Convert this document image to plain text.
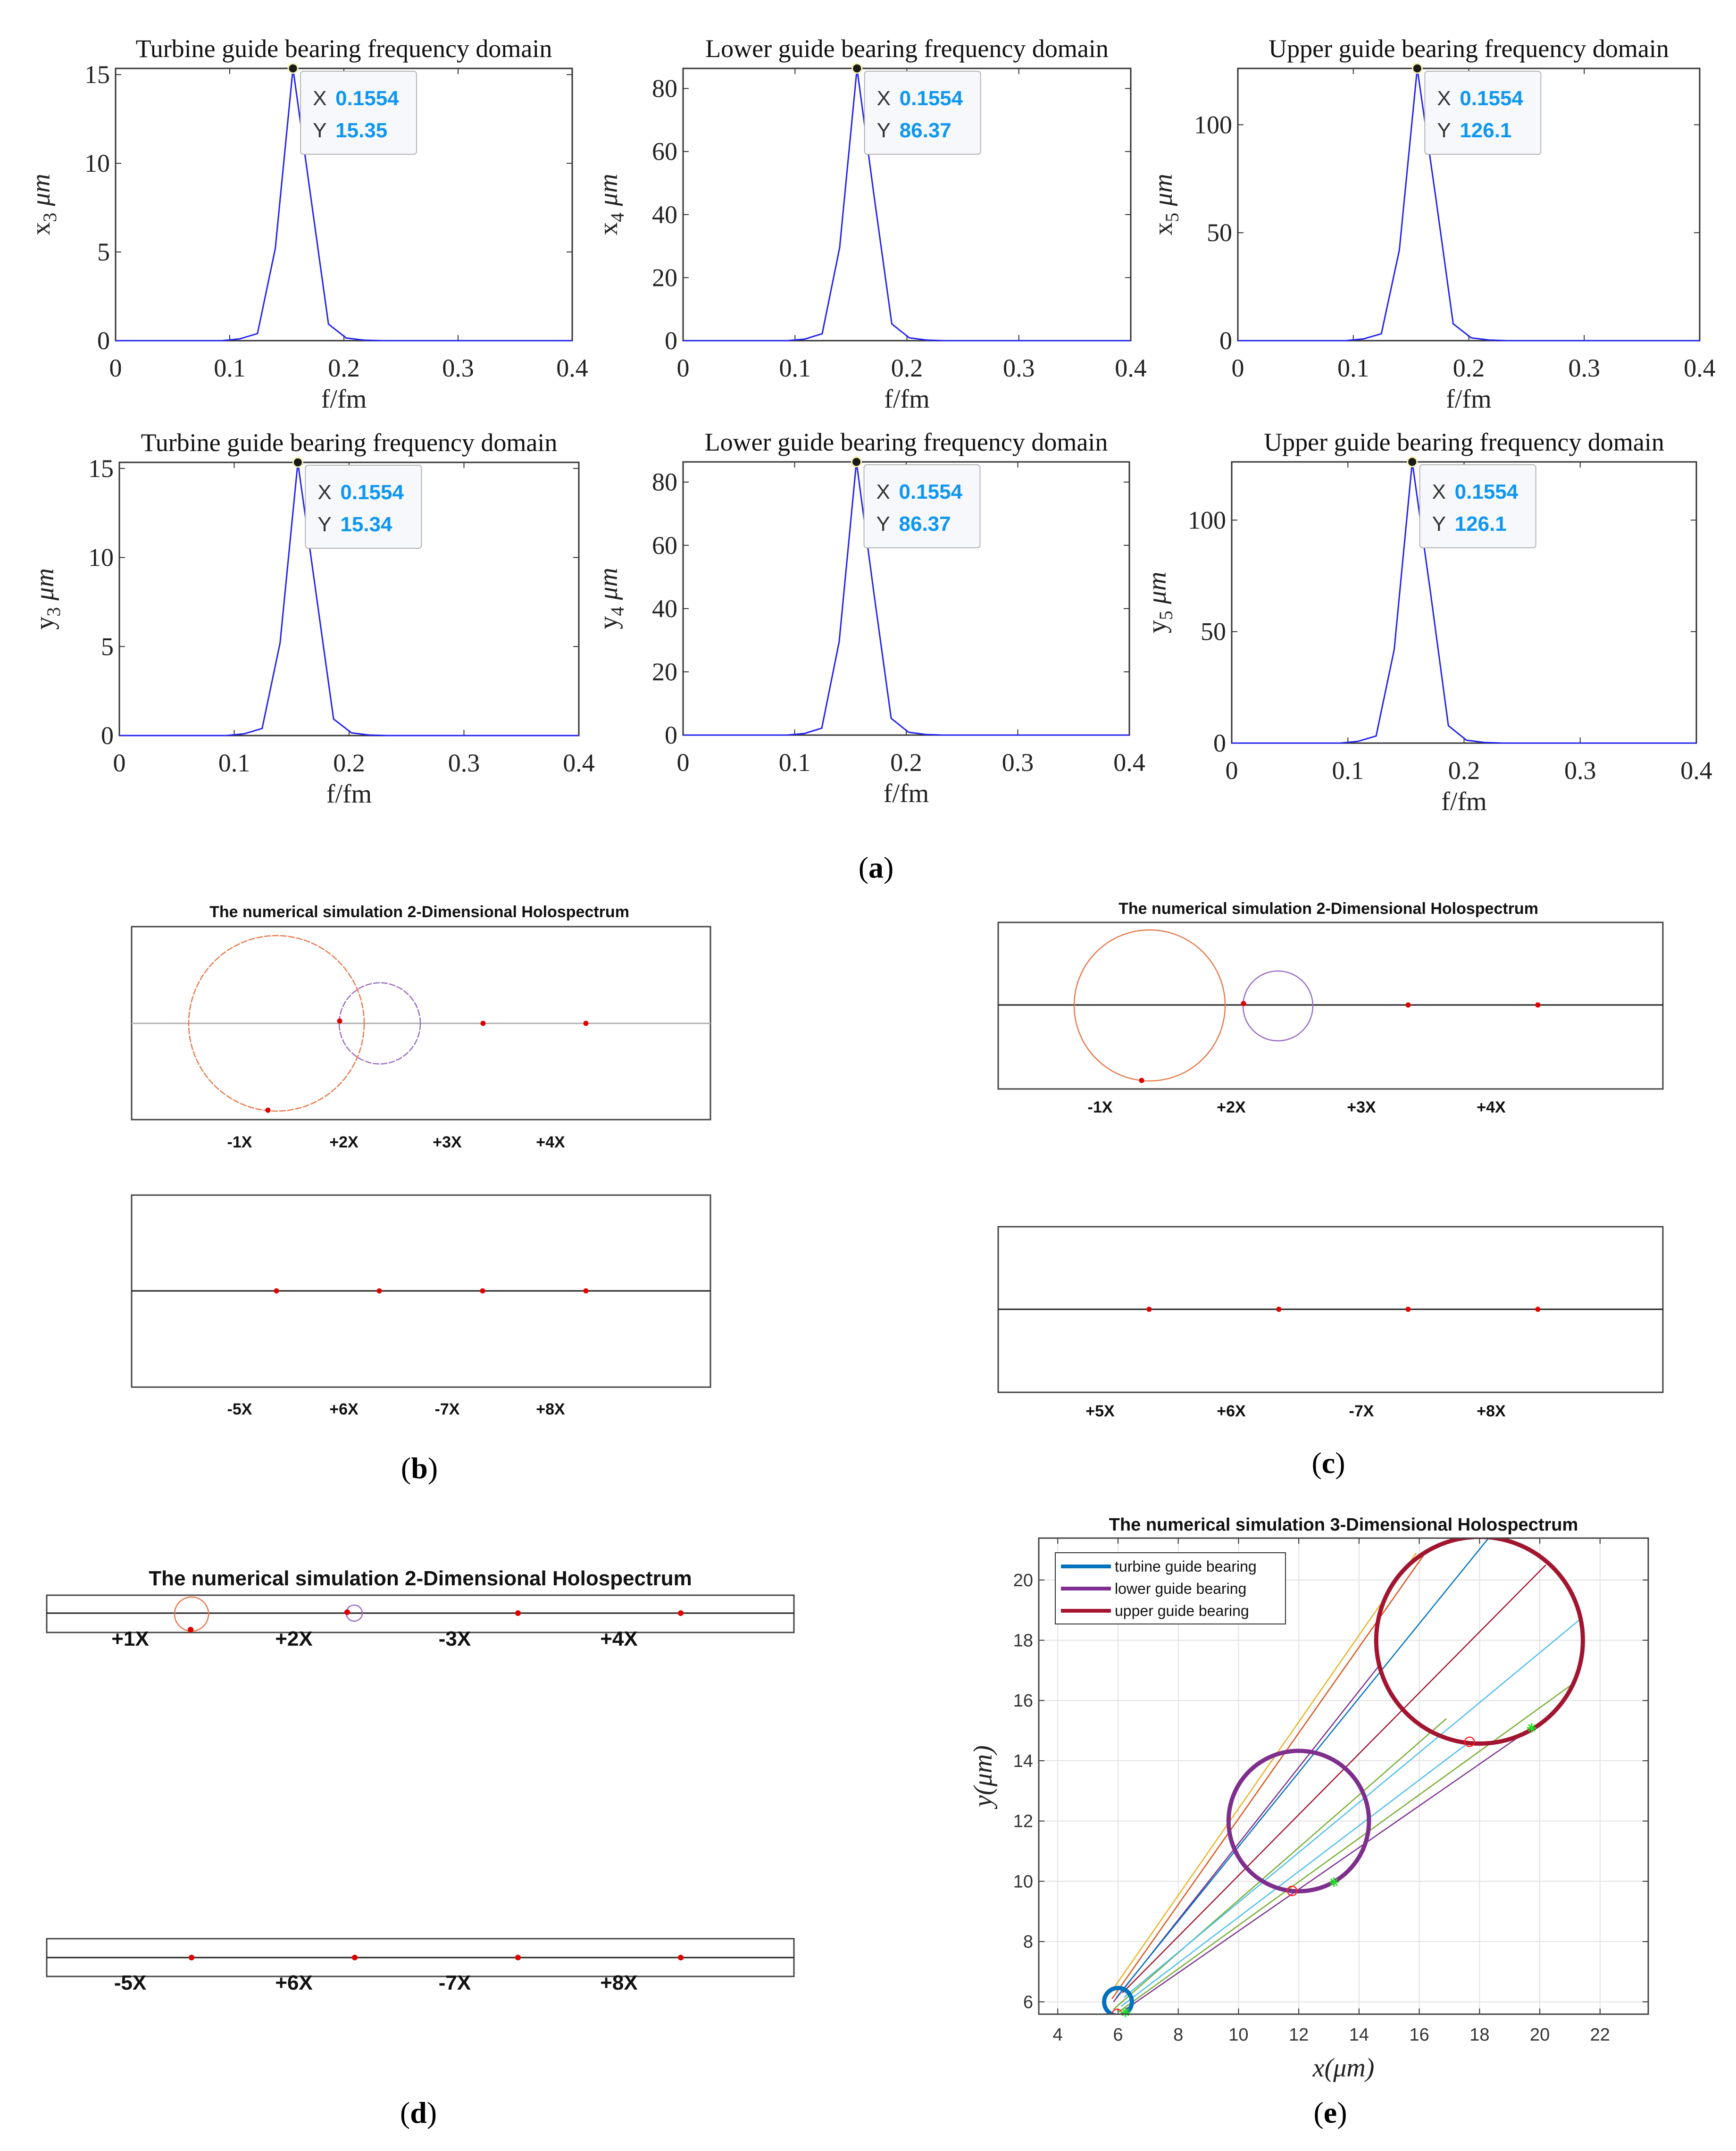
0	0.1	0.2	0.3	0.4
0
5
10
15
Turbine guide bearing frequency domain
f/fm
$x_3\mu m$
X 0.1554
Y 15.35
0	0.1	0.2	0.3	0.4
0
20
40
60
80
Lower guide bearing frequency domain
f/fm
$x_4\mu m$
X 0.1554
Y 86.37
0	0.1	0.2	0.3	0.4
0
50
100
Upper guide bearing frequency domain
f/fm
$x_5\mu m$
X 0.1554
Y 126.1
0	0.1	0.2	0.3	0.4
0
5
10
15
Turbine guide bearing frequency domain
f/fm
$y_3\mu m$
X 0.1554
Y 15.34
0	0.1	0.2	0.3	0.4
0
20
40
60
80
Lower guide bearing frequency domain
f/fm
$y_4\mu m$
X 0.1554
Y 86.37
0	0.1	0.2	0.3	0.4
0
50
100
Upper guide bearing frequency domain
f/fm
$y_5\mu m$
X 0.1554
Y 126.1
The numerical simulation 2-Dimensional Holospectrum
-1X	+2X	+3X	+4X
-5X	+6X	-7X	+8X
The numerical simulation 2-Dimensional Holospectrum
-1X	+2X	+3X	+4X
+5X	+6X	-7X	+8X
The numerical simulation 2-Dimensional Holospectrum
+1X	+2X	-3X	+4X
-5X	+6X	-7X	+8X
The numerical simulation 3-Dimensional Holospectrum
4	6	8	10 12 14 16 18 20 22
6
8
10
12
14
16
18
20
turbine guide bearing
lower guide bearing
upper guide bearing
x(μm)
y(μm)
(a)
(b)	(c)
(d)	(e)
